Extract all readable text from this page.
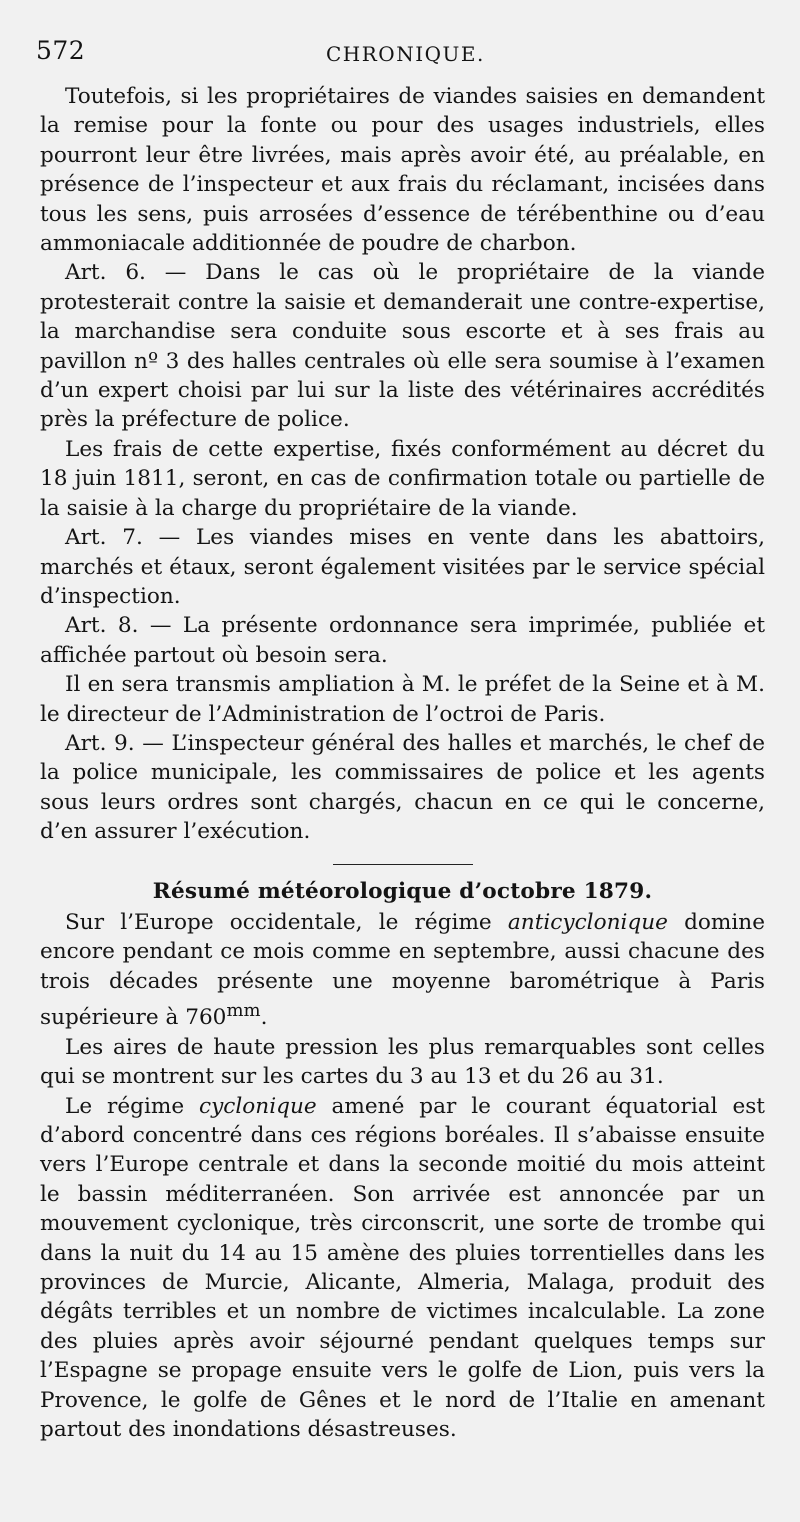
572	CHRONIQUE.

Toutefois, si les propriétaires de viandes saisies en demandent la remise pour la fonte ou pour des usages industriels, elles pourront leur être livrées, mais après avoir été, au préalable, en présence de l’inspecteur et aux frais du réclamant, incisées dans tous les sens, puis arrosées d’essence de térébenthine ou d’eau ammoniacale additionnée de poudre de charbon.

Art. 6. — Dans le cas où le propriétaire de la viande protesterait contre la saisie et demanderait une contre-expertise, la marchandise sera conduite sous escorte et à ses frais au pavillon nº 3 des halles centrales où elle sera soumise à l’examen d’un expert choisi par lui sur la liste des vétérinaires accrédités près la préfecture de police.

Les frais de cette expertise, fixés conformément au décret du 18 juin 1811, seront, en cas de confirmation totale ou partielle de la saisie à la charge du propriétaire de la viande.

Art. 7. — Les viandes mises en vente dans les abattoirs, marchés et étaux, seront également visitées par le service spécial d’inspection.

Art. 8. — La présente ordonnance sera imprimée, publiée et affichée partout où besoin sera.

Il en sera transmis ampliation à M. le préfet de la Seine et à M. le directeur de l’Administration de l’octroi de Paris.

Art. 9. — L’inspecteur général des halles et marchés, le chef de la police municipale, les commissaires de police et les agents sous leurs ordres sont chargés, chacun en ce qui le concerne, d’en assurer l’exécution.

Résumé météorologique d’octobre 1879.

Sur l’Europe occidentale, le régime anticyclonique domine encore pendant ce mois comme en septembre, aussi chacune des trois décades présente une moyenne barométrique à Paris supérieure à $760^{mm}$.

Les aires de haute pression les plus remarquables sont celles qui se montrent sur les cartes du 3 au 13 et du 26 au 31.

Le régime cyclonique amené par le courant équatorial est d’abord concentré dans ces régions boréales. Il s’abaisse ensuite vers l’Europe centrale et dans la seconde moitié du mois atteint le bassin méditerranéen. Son arrivée est annoncée par un mouvement cyclonique, très circonscrit, une sorte de trombe qui dans la nuit du 14 au 15 amène des pluies torrentielles dans les provinces de Murcie, Alicante, Almeria, Malaga, produit des dégâts terribles et un nombre de victimes incalculable. La zone des pluies après avoir séjourné pendant quelques temps sur l’Espagne se propage ensuite vers le golfe de Lion, puis vers la Provence, le golfe de Gênes et le nord de l’Italie en amenant partout des inondations désastreuses.
